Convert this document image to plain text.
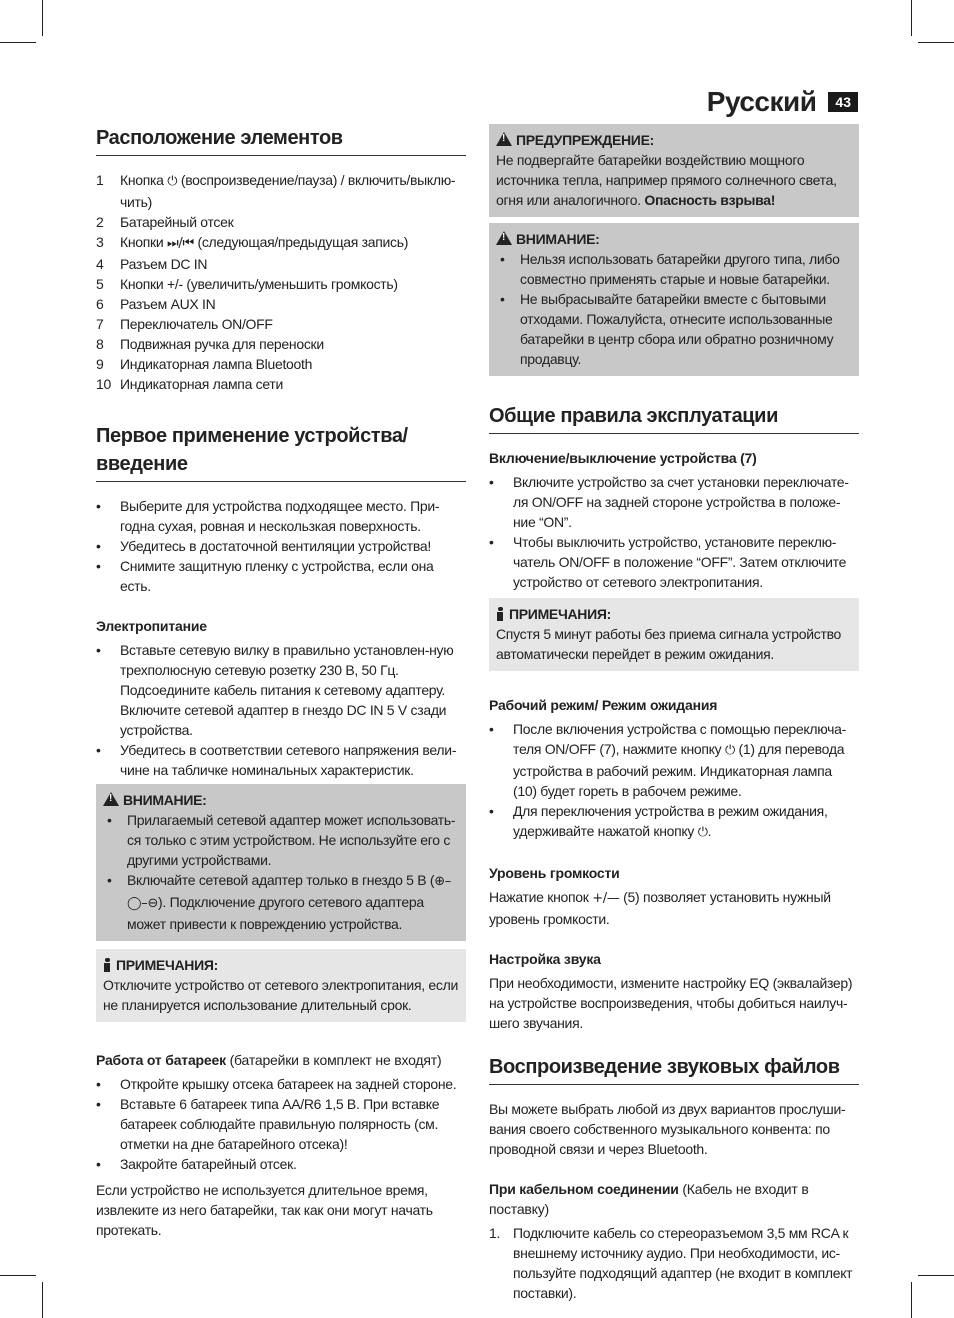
Русский	43
Расположение элементов
1	Кнопка ⏻ (воспроизведение/пауза) / включить/выклю-чить)
2	Батарейный отсек
3	Кнопки ⏭/⏮ (следующая/предыдущая запись)
4	Разъем DC IN
5	Кнопки +/- (увеличить/уменьшить громкость)
6	Разъем AUX IN
7	Переключатель ON/OFF
8	Подвижная ручка для переноски
9	Индикаторная лампа Bluetooth
10 Индикаторная лампа сети
Первое применение устройства/ введение
• Выберите для устройства подходящее место. При-годна сухая, ровная и нескользкая поверхность.
• Убедитесь в достаточной вентиляции устройства!
• Снимите защитную пленку с устройства, если она есть.
Электропитание
• Вставьте сетевую вилку в правильно установлен-ную трехполюсную сетевую розетку 230 В, 50 Гц. Подсоедините кабель питания к сетевому адаптеру. Включите сетевой адаптер в гнездо DC IN 5 V сзади устройства.
• Убедитесь в соответствии сетевого напряжения вели-чине на табличке номинальных характеристик.
!
ВНИМАНИЕ:
• Прилагаемый сетевой адаптер может использовать-ся только с этим устройством. Не используйте его с другими устройствами.
• Включайте сетевой адаптер только в гнездо 5 В (⊕–◯–⊖). Подключение другого сетевого адаптера может привести к повреждению устройства.
ПРИМЕЧАНИЯ:

Отключите устройство от сетевого электропитания, если не планируется использование длительный срок.

Работа от батареек (батарейки в комплект не входят)
• Откройте крышку отсека батареек на задней стороне.
• Вставьте 6 батареек типа AA/R6 1,5 В. При вставке батареек соблюдайте правильную полярность (см. отметки на дне батарейного отсека)!
• Закройте батарейный отсек.

Если устройство не используется длительное время, извлеките из него батарейки, так как они могут начать протекать.

!
ПРЕДУПРЕЖДЕНИЕ:

Не подвергайте батарейки воздействию мощного источника тепла, например прямого солнечного света, огня или аналогичного. Опасность взрыва!

!
ВНИМАНИЕ:
• Нельзя использовать батарейки другого типа, либо совместно применять старые и новые батарейки.
• Не выбрасывайте батарейки вместе с бытовыми отходами. Пожалуйста, отнесите использованные батарейки в центр сбора или обратно розничному продавцу.
Общие правила эксплуатации
Включение/выключение устройства (7)
• Включите устройство за счет установки переключате-ля ON/OFF на задней стороне устройства в положе-ние “ON”.
• Чтобы выключить устройство, установите переклю-чатель ON/OFF в положение “OFF”. Затем отключите устройство от сетевого электропитания.
ПРИМЕЧАНИЯ:

Спустя 5 минут работы без приема сигнала устройство автоматически перейдет в режим ожидания.

Рабочий режим/ Режим ожидания
• После включения устройства с помощью переключа-теля ON/OFF (7), нажмите кнопку ⏻ (1) для перевода устройства в рабочий режим. Индикаторная лампа (10) будет гореть в рабочем режиме.
• Для переключения устройства в режим ожидания, удерживайте нажатой кнопку ⏻.
Уровень громкости

Нажатие кнопок +/— (5) позволяет установить нужный уровень громкости.

Настройка звука

При необходимости, измените настройку EQ (эквалайзер) на устройстве воспроизведения, чтобы добиться наилуч-шего звучания.

Воспроизведение звуковых файлов

Вы можете выбрать любой из двух вариантов прослуши-вания своего собственного музыкального конвента: по проводной связи и через Bluetooth.

При кабельном соединении (Кабель не входит в поставку)
1. Подключите кабель со стереоразъемом 3,5 мм RCA к внешнему источнику аудио. При необходимости, ис-пользуйте подходящий адаптер (не входит в комплект поставки).
